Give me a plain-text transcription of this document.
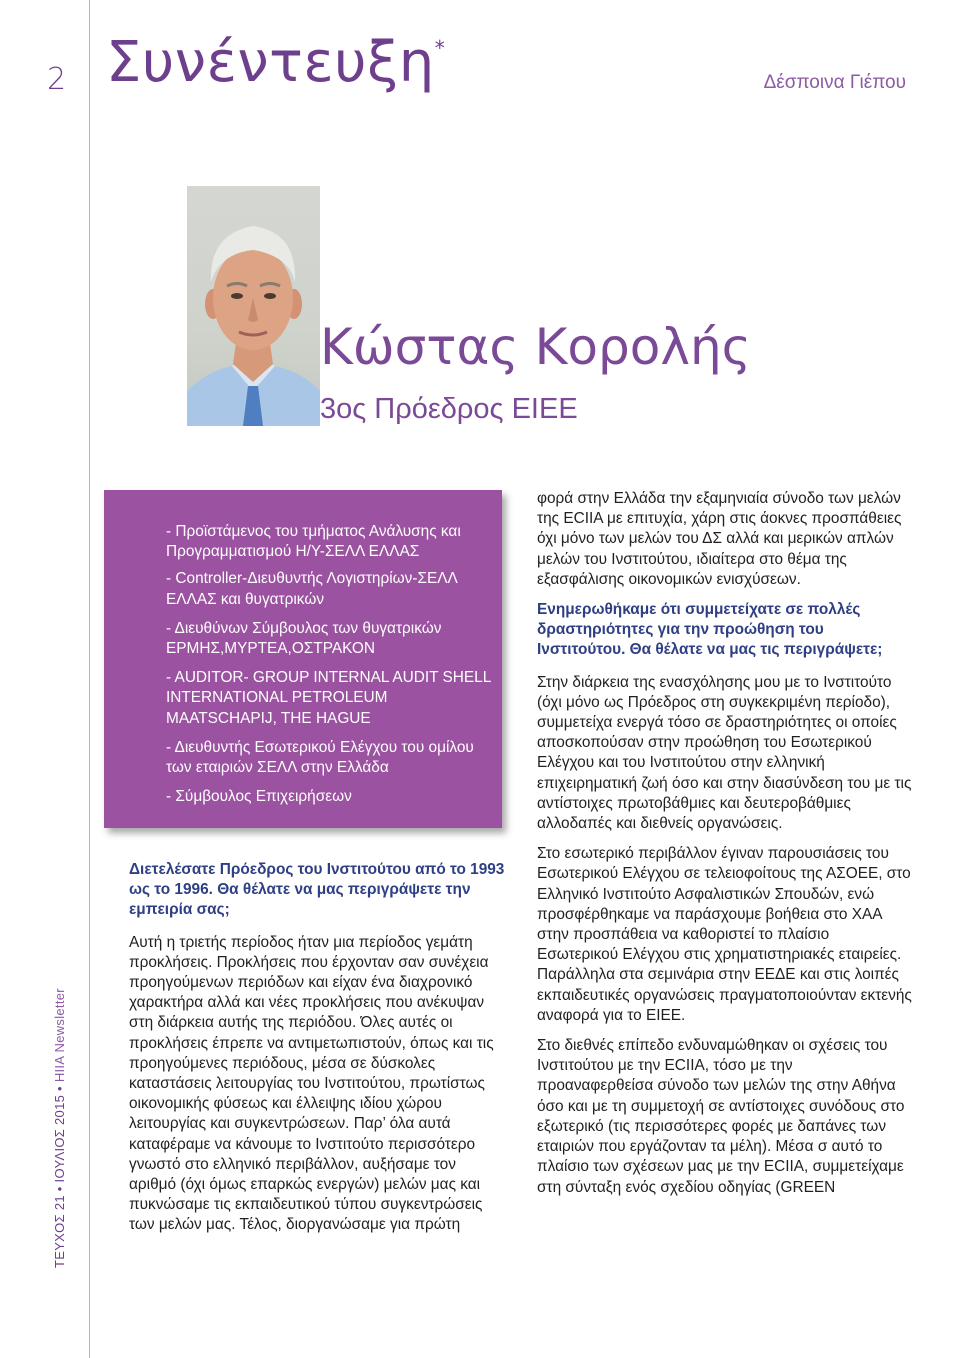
2 Συνέντευξη*
Δέσποινα Γιέπου
Κώστας Κορολής
3ος Πρόεδρος ΕΙΕΕ

- Προϊστάμενος του τμήματος Ανάλυσης και Προγραμματισμού Η/Υ-ΣΕΛΛ ΕΛΛΑΣ

- Controller-Διευθυντής Λογιστηρίων-ΣΕΛΛ ΕΛΛΑΣ και θυγατρικών

- Διευθύνων Σύμβουλος των θυγατρικών ΕΡΜΗΣ,ΜΥΡΤΕΑ,ΟΣΤΡΑΚΟΝ

- AUDITOR- GROUP INTERNAL AUDIT SHELL INTERNATIONAL PETROLEUM MAATSCHAPIJ, THE HAGUE

- Διευθυντής Εσωτερικού Ελέγχου του ομίλου των εταιριών ΣΕΛΛ στην Ελλάδα

- Σύμβουλος Επιχειρήσεων

Διετελέσατε Πρόεδρος του Ινστιτούτου από το 1993 ως το 1996. Θα θέλατε να μας περιγράψετε την εμπειρία σας;

Αυτή η τριετής περίοδος ήταν μια περίοδος γεμάτη προκλήσεις. Προκλήσεις που έρχονταν σαν συνέχεια προηγούμενων περιόδων και είχαν ένα διαχρονικό χαρακτήρα αλλά και νέες προκλήσεις που ανέκυψαν στη διάρκεια αυτής της περιόδου. Όλες αυτές οι προκλήσεις έπρεπε να αντιμετωπιστούν, όπως και τις προηγούμενες περιόδους, μέσα σε δύσκολες καταστάσεις λειτουργίας του Ινστιτούτου, πρωτίστως οικονομικής φύσεως και έλλειψης ιδίου χώρου λειτουργίας και συγκεντρώσεων. Παρ’ όλα αυτά καταφέραμε να κάνουμε το Ινστιτούτο περισσότερο γνωστό στο ελληνικό περιβάλλον, αυξήσαμε τον αριθμό (όχι όμως επαρκώς ενεργών) μελών μας και πυκνώσαμε τις εκπαιδευτικού τύπου συγκεντρώσεις των μελών μας. Τέλος, διοργανώσαμε για πρώτη

φορά στην Ελλάδα την εξαμηνιαία σύνοδο των μελών της ECIIA με επιτυχία, χάρη στις άοκνες προσπάθειες όχι μόνο των μελών του ΔΣ αλλά και μερικών απλών μελών του Ινστιτούτου, ιδιαίτερα στο θέμα της εξασφάλισης οικονομικών ενισχύσεων.

Ενημερωθήκαμε ότι συμμετείχατε σε πολλές δραστηριότητες για την προώθηση του Ινστιτούτου. Θα θέλατε να μας τις περιγράψετε;

Στην διάρκεια της ενασχόλησης μου με το Ινστιτούτο (όχι μόνο ως Πρόεδρος στη συγκεκριμένη περίοδο), συμμετείχα ενεργά τόσο σε δραστηριότητες οι οποίες αποσκοπούσαν στην προώθηση του Εσωτερικού Ελέγχου και του Ινστιτούτου στην ελληνική επιχειρηματική ζωή όσο και στην διασύνδεση του με τις αντίστοιχες πρωτοβάθμιες και δευτεροβάθμιες αλλοδαπές και διεθνείς οργανώσεις.

Στο εσωτερικό περιβάλλον έγιναν παρουσιάσεις του Εσωτερικού Ελέγχου σε τελειοφοίτους της ΑΣΟΕΕ, στο Ελληνικό Ινστιτούτο Ασφαλιστικών Σπουδών, ενώ προσφέρθηκαμε να παράσχουμε βοήθεια στο ΧΑΑ στην προσπάθεια να καθοριστεί το πλαίσιο Εσωτερικού Ελέγχου στις χρηματιστηριακές εταιρείες. Παράλληλα στα σεμινάρια στην ΕΕΔΕ και στις λοιπές εκπαιδευτικές οργανώσεις πραγματοποιούνταν εκτενής αναφορά για το ΕΙΕΕ.

Στο διεθνές επίπεδο ενδυναμώθηκαν οι σχέσεις του Ινστιτούτου με την ECIIA, τόσο με την προαναφερθείσα σύνοδο των μελών της στην Αθήνα όσο και με τη συμμετοχή σε αντίστοιχες συνόδους στο εξωτερικό (τις περισσότερες φορές με δαπάνες των εταιριών που εργάζονταν τα μέλη). Μέσα σ αυτό το πλαίσιο των σχέσεων μας με την ECIIA, συμμετείχαμε στη σύνταξη ενός σχεδίου οδηγίας (GREEN

ΤΕΥΧΟΣ 21 • ΙΟΥΛΙΟΣ 2015 • HIIA Newsletter
